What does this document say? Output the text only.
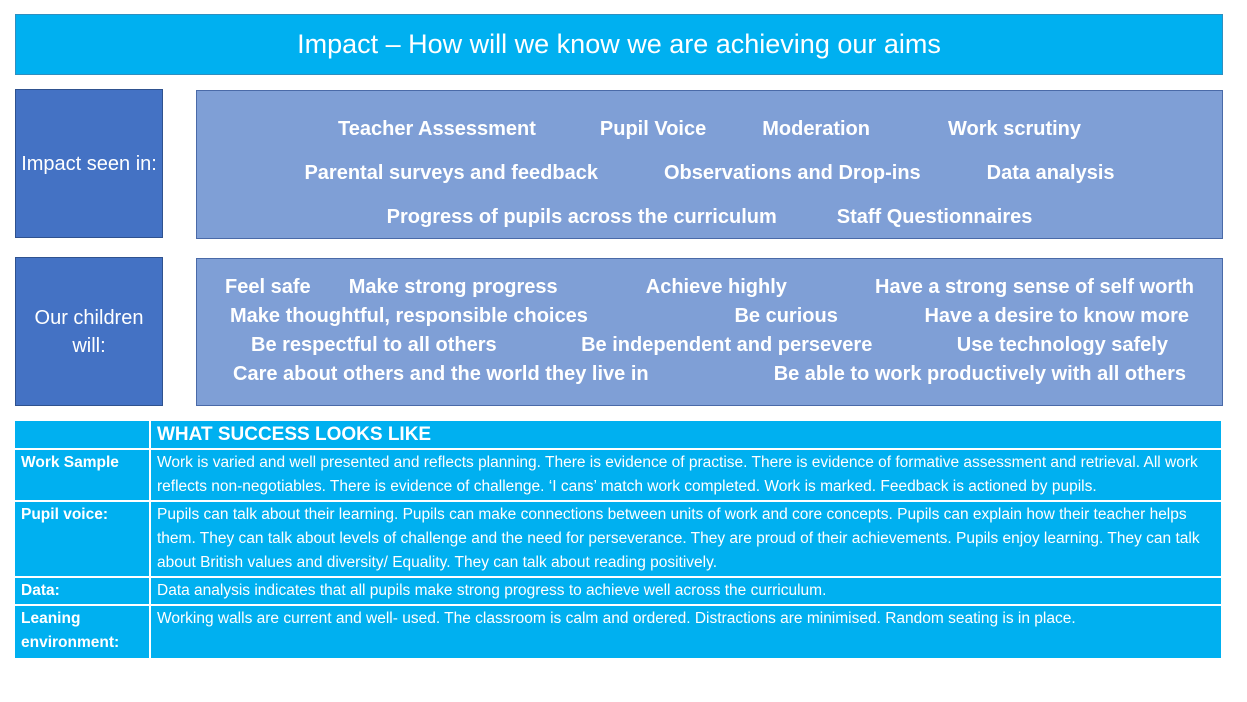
Impact – How will we know we are achieving our aims
Impact seen in:
Teacher Assessment	Pupil Voice	Moderation	Work scrutiny
Parental surveys and feedback	Observations and Drop-ins	Data analysis
Progress of pupils across the curriculum	Staff Questionnaires
Our children will:
Feel safe Make strong progress	Achieve highly	Have a strong sense of self worth
Make thoughtful, responsible choices	Be curious	Have a desire to know more
Be respectful to all others	Be independent and persevere	Use technology safely
Care about others and the world they live in	Be able to work productively with all others
	WHAT SUCCESS LOOKS LIKE
Work Sample	Work is varied and well presented and reflects planning. There is evidence of practise. There is evidence of formative assessment and retrieval. All work reflects non-negotiables. There is evidence of challenge. ‘I cans’ match work completed. Work is marked. Feedback is actioned by pupils.
Pupil voice:	Pupils can talk about their learning. Pupils can make connections between units of work and core concepts. Pupils can explain how their teacher helps them. They can talk about levels of challenge and the need for perseverance. They are proud of their achievements. Pupils enjoy learning. They can talk about British values and diversity/ Equality. They can talk about reading positively.
Data:	Data analysis indicates that all pupils make strong progress to achieve well across the curriculum.
Leaning environment:	Working walls are current and well- used. The classroom is calm and ordered. Distractions are minimised. Random seating is in place.
